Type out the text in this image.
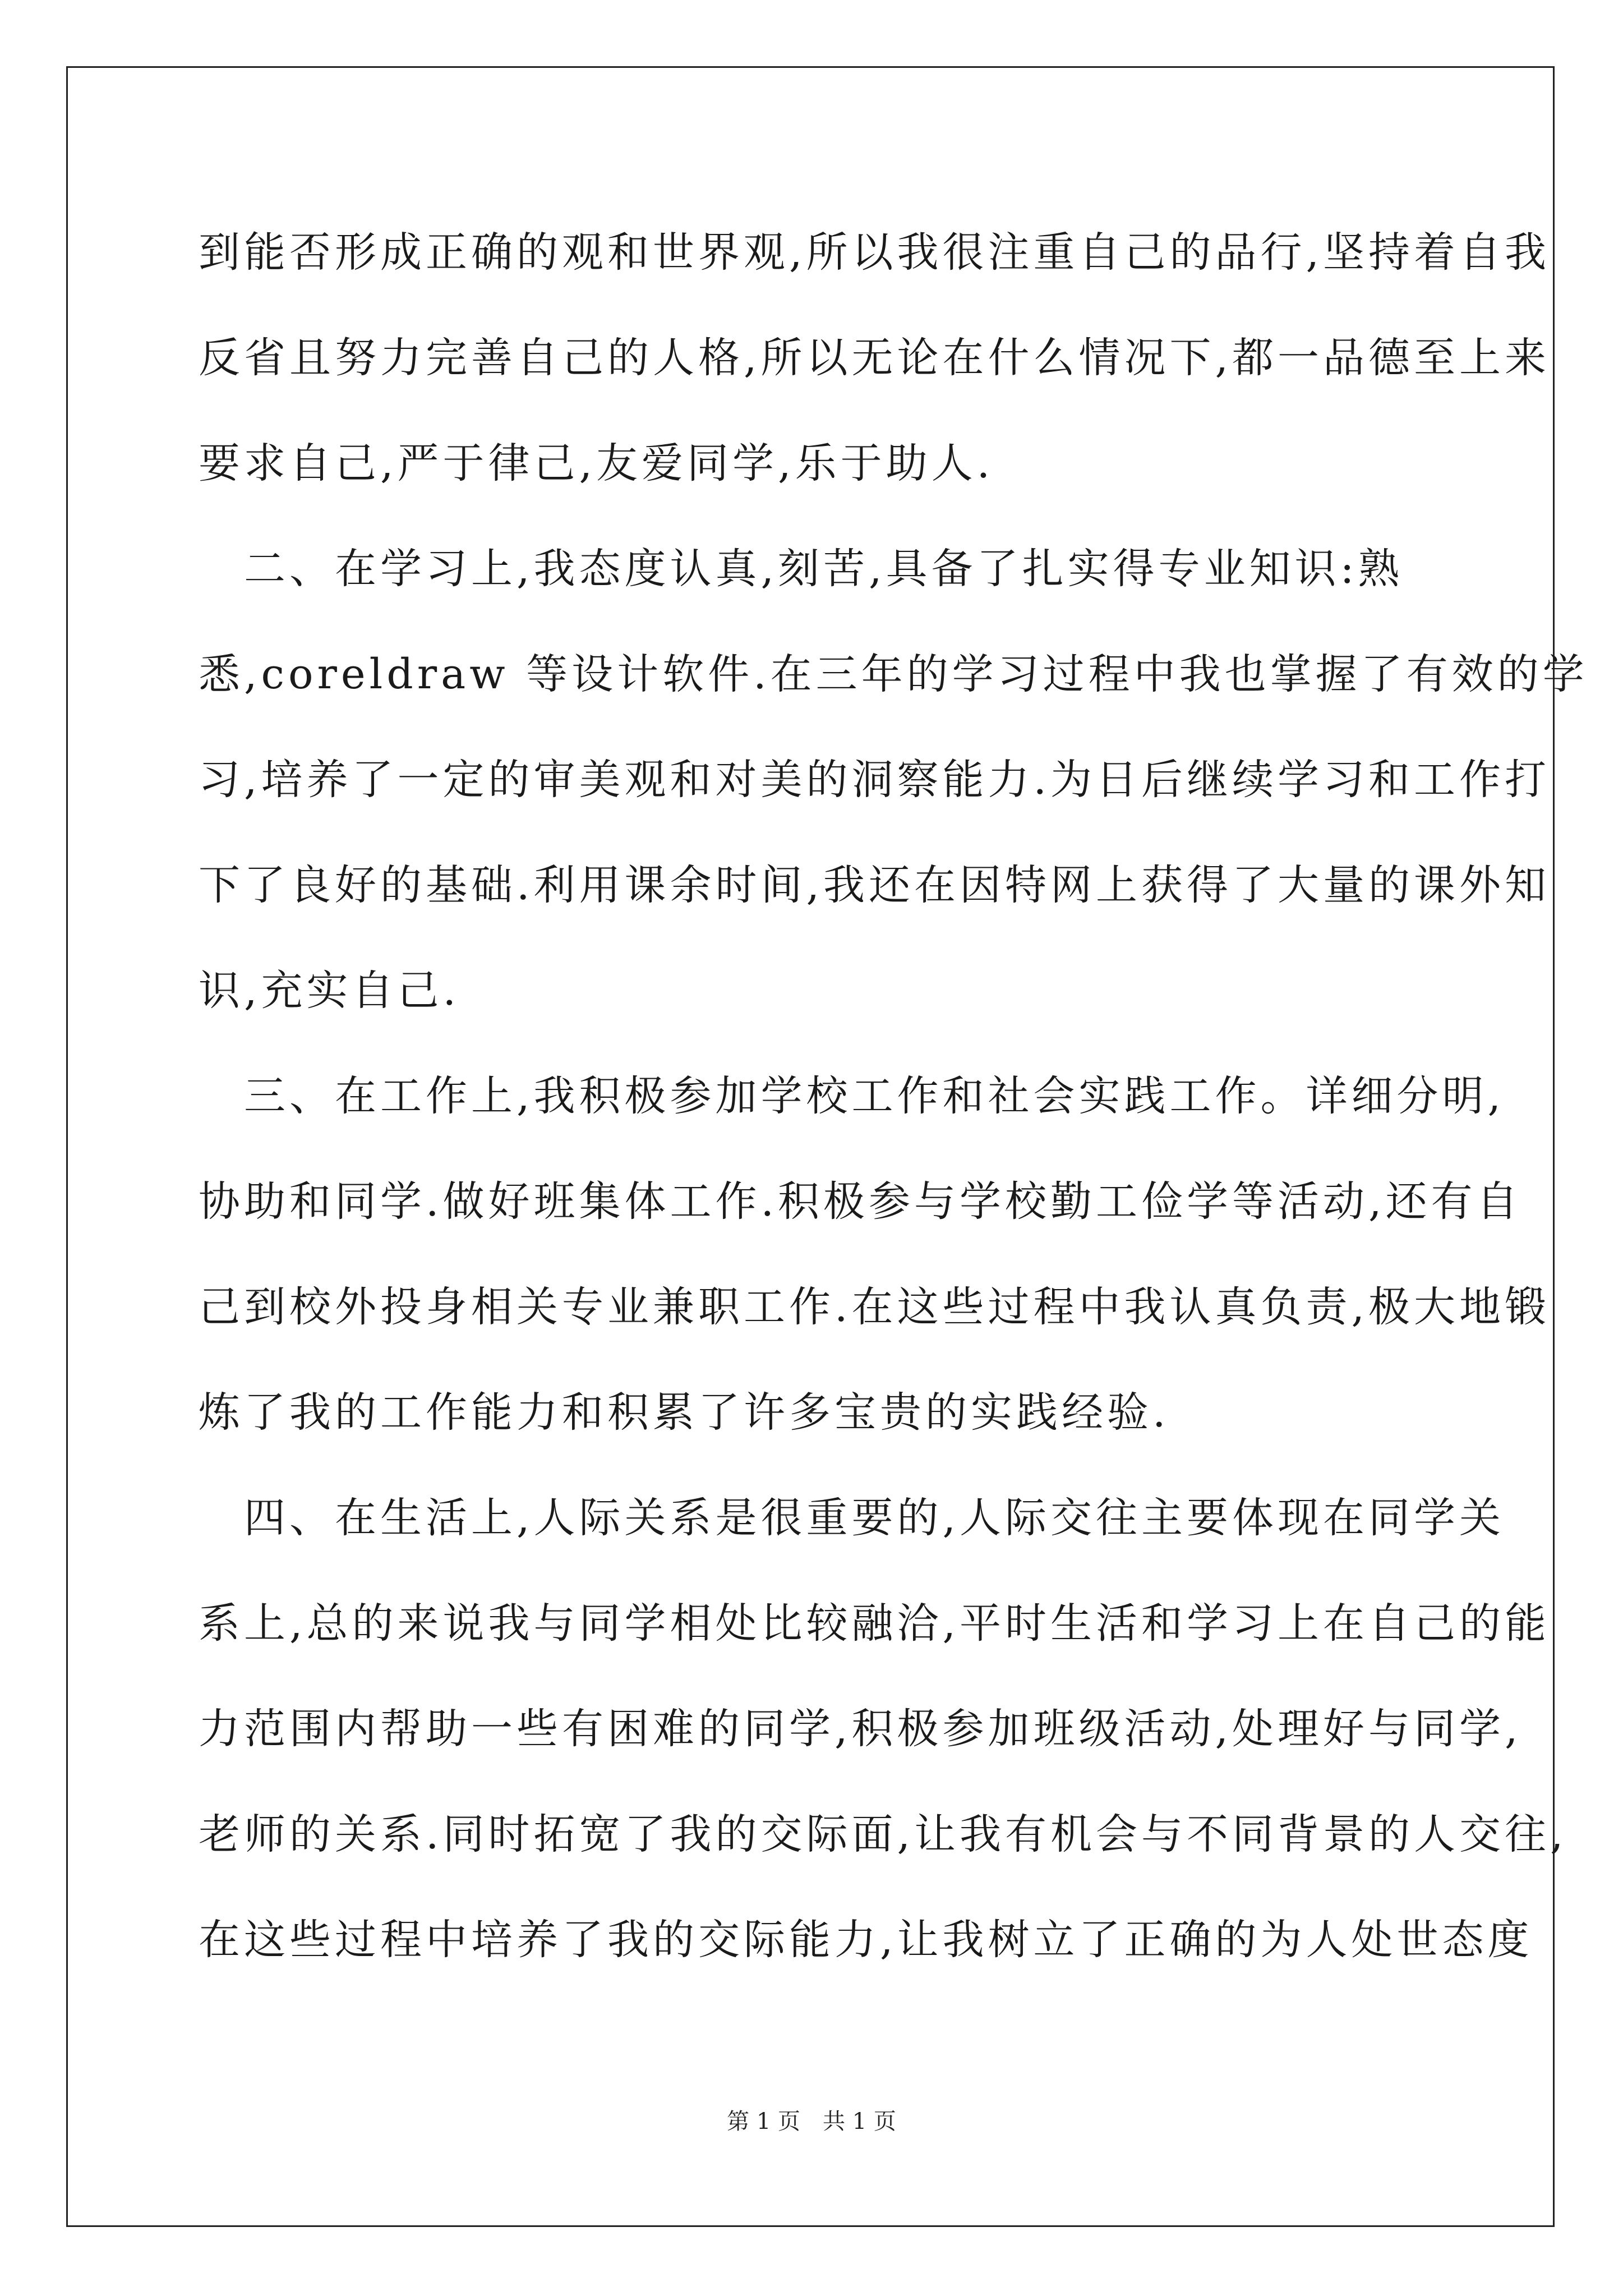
到能否形成正确的观和世界观,所以我很注重自己的品行,坚持着自我
反省且努力完善自己的人格,所以无论在什么情况下,都一品德至上来
要求自己,严于律己,友爱同学,乐于助人.
　二、在学习上,我态度认真,刻苦,具备了扎实得专业知识:熟
悉,coreldraw 等设计软件.在三年的学习过程中我也掌握了有效的学
习,培养了一定的审美观和对美的洞察能力.为日后继续学习和工作打
下了良好的基础.利用课余时间,我还在因特网上获得了大量的课外知
识,充实自己.
　三、在工作上,我积极参加学校工作和社会实践工作。详细分明,
协助和同学.做好班集体工作.积极参与学校勤工俭学等活动,还有自
己到校外投身相关专业兼职工作.在这些过程中我认真负责,极大地锻
炼了我的工作能力和积累了许多宝贵的实践经验.
　四、在生活上,人际关系是很重要的,人际交往主要体现在同学关
系上,总的来说我与同学相处比较融洽,平时生活和学习上在自己的能
力范围内帮助一些有困难的同学,积极参加班级活动,处理好与同学,
老师的关系.同时拓宽了我的交际面,让我有机会与不同背景的人交往,
在这些过程中培养了我的交际能力,让我树立了正确的为人处世态度
第 1 页　共 1 页
